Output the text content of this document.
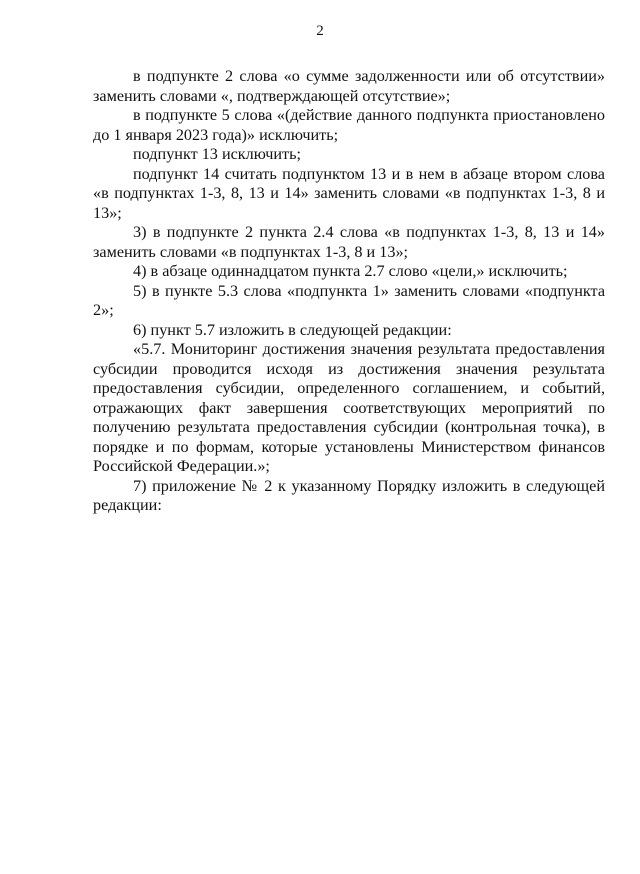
2

в подпункте 2 слова «о сумме задолженности или об отсутствии» заменить словами «, подтверждающей отсутствие»;

в подпункте 5 слова «(действие данного подпункта приостановлено до 1 января 2023 года)» исключить;

подпункт 13 исключить;

подпункт 14 считать подпунктом 13 и в нем в абзаце втором слова «в подпунктах 1-3, 8, 13 и 14» заменить словами «в подпунктах 1-3, 8 и 13»;

3) в подпункте 2 пункта 2.4 слова «в подпунктах 1-3, 8, 13 и 14» заменить словами «в подпунктах 1-3, 8 и 13»;

4) в абзаце одиннадцатом пункта 2.7 слово «цели,» исключить;

5) в пункте 5.3 слова «подпункта 1» заменить словами «подпункта 2»;

6) пункт 5.7 изложить в следующей редакции:

«5.7. Мониторинг достижения значения результата предоставления субсидии проводится исходя из достижения значения результата предоставления субсидии, определенного соглашением, и событий, отражающих факт завершения соответствующих мероприятий по получению результата предоставления субсидии (контрольная точка), в порядке и по формам, которые установлены Министерством финансов Российской Федерации.»;

7) приложение № 2 к указанному Порядку изложить в следующей редакции:
